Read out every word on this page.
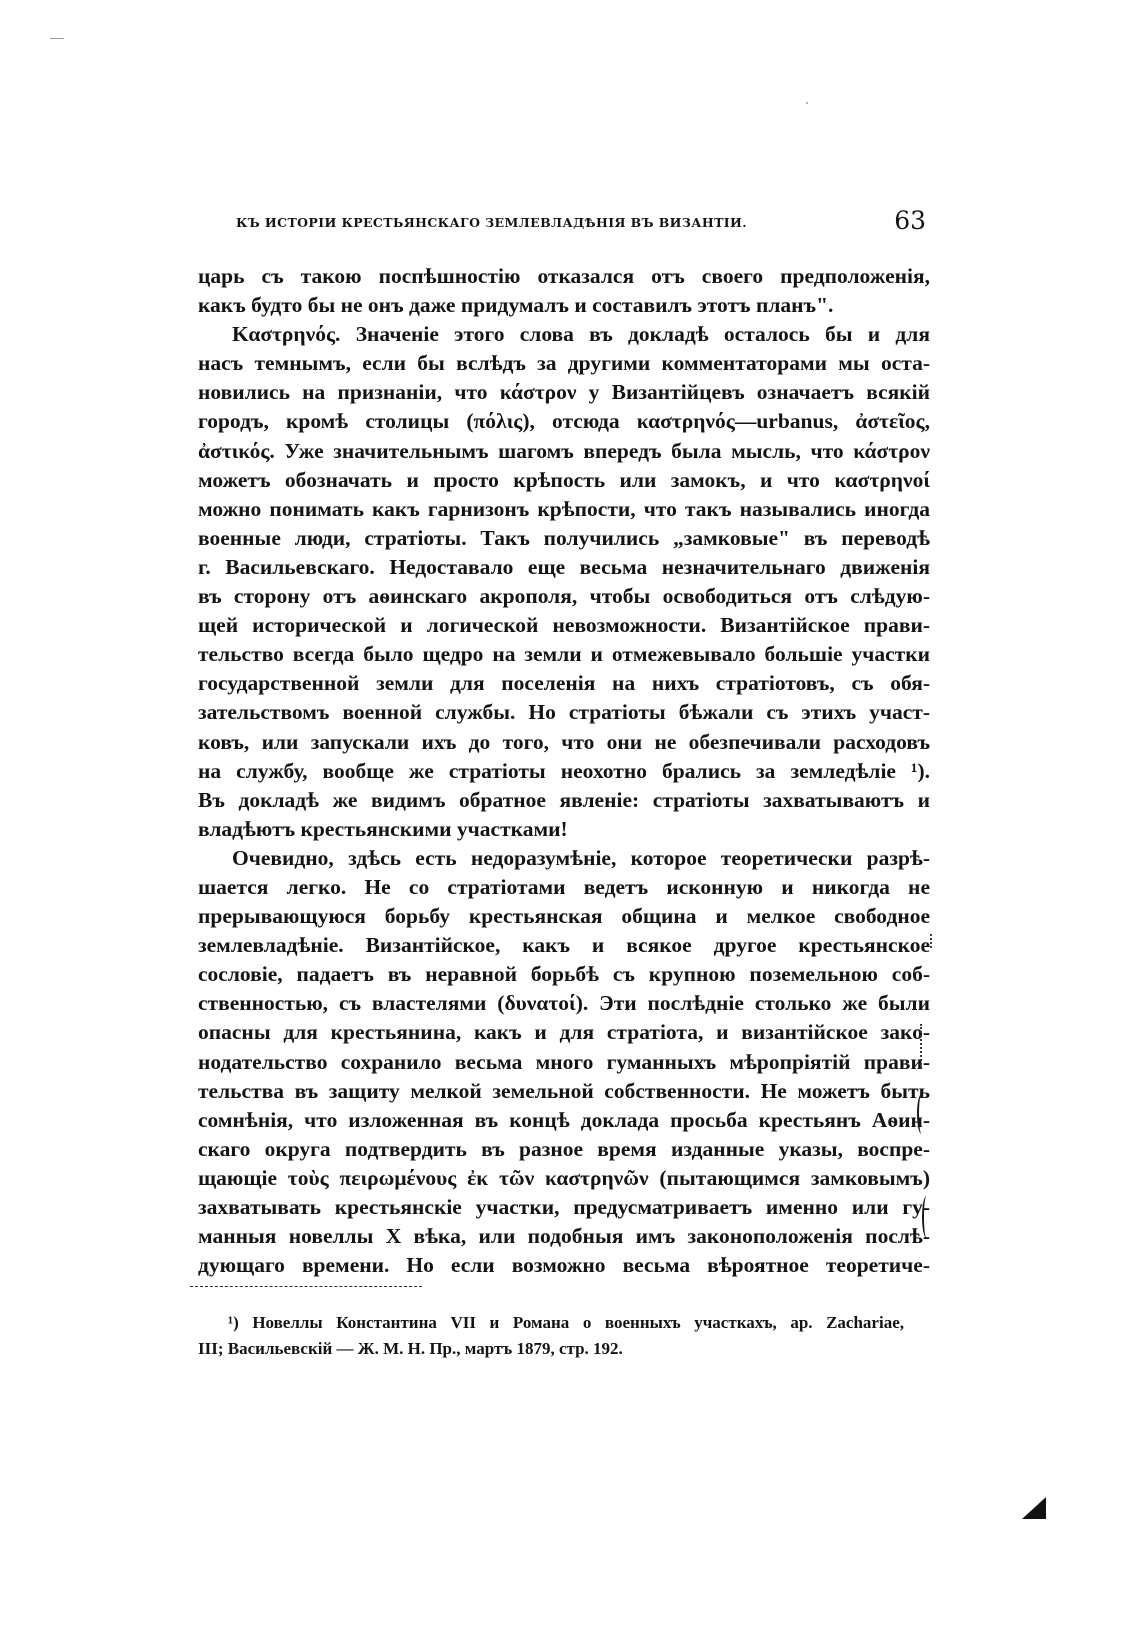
КЪ ИСТОРІИ КРЕСТЬЯНСКАГО ЗЕМЛЕВЛАДѢНІЯ ВЪ ВИЗАНТІИ.	63
царь съ такою поспѣшностію отказался отъ своего предположенія,
какъ будто бы не онъ даже придумалъ и составилъ этотъ планъ".
Καστρηνός. Значеніе этого слова въ докладѣ осталось бы и для
насъ темнымъ, если бы вслѣдъ за другими комментаторами мы оста-
новились на признаніи, что κάστρον у Византійцевъ означаетъ всякій
городъ, кромѣ столицы (πόλις), отсюда καστρηνός—urbanus, ἀστεῖος,
ἀστικός. Уже значительнымъ шагомъ впередъ была мысль, что κάστρον
можетъ обозначать и просто крѣпость или замокъ, и что καστρηνοί
можно понимать какъ гарнизонъ крѣпости, что такъ назывались иногда
военные люди, стратіоты. Такъ получились „замковые" въ переводѣ
г. Васильевскаго. Недоставало еще весьма незначительнаго движенія
въ сторону отъ аѳинскаго акрополя, чтобы освободиться отъ слѣдую-
щей исторической и логической невозможности. Византійское прави-
тельство всегда было щедро на земли и отмежевывало большіе участки
государственной земли для поселенія на нихъ стратіотовъ, съ обя-
зательствомъ военной службы. Но стратіоты бѣжали съ этихъ участ-
ковъ, или запускали ихъ до того, что они не обезпечивали расходовъ
на службу, вообще же стратіоты неохотно брались за земледѣліе ¹).
Въ докладѣ же видимъ обратное явленіе: стратіоты захватываютъ и
владѣютъ крестьянскими участками!
Очевидно, здѣсь есть недоразумѣніе, которое теоретически разрѣ-
шается легко. Не со стратіотами ведетъ исконную и никогда не
прерывающуюся борьбу крестьянская община и мелкое свободное
землевладѣніе. Византійское, какъ и всякое другое крестьянское
сословіе, падаетъ въ неравной борьбѣ съ крупною поземельною соб-
ственностью, съ властелями (δυνατοί). Эти послѣдніе столько же были
опасны для крестьянина, какъ и для стратіота, и византійское зако-
нодательство сохранило весьма много гуманныхъ мѣропріятій прави-
тельства въ защиту мелкой земельной собственности. Не можетъ быть
сомнѣнія, что изложенная въ концѣ доклада просьба крестьянъ Аѳин-
скаго округа подтвердить въ разное время изданные указы, воспре-
щающіе τοὺς πειρωμένους ἐκ τῶν καστρηνῶν (пытающимся замковымъ)
захватывать крестьянскіе участки, предусматриваетъ именно или гу-
манныя новеллы X вѣка, или подобныя имъ законоположенія послѣ-
дующаго времени. Но если возможно весьма вѣроятное теоретиче-
¹) Новеллы Константина VII и Романа о военныхъ участкахъ, ap. Zachariae,
III; Васильевскій — Ж. М. Н. Пр., мартъ 1879, стр. 192.
